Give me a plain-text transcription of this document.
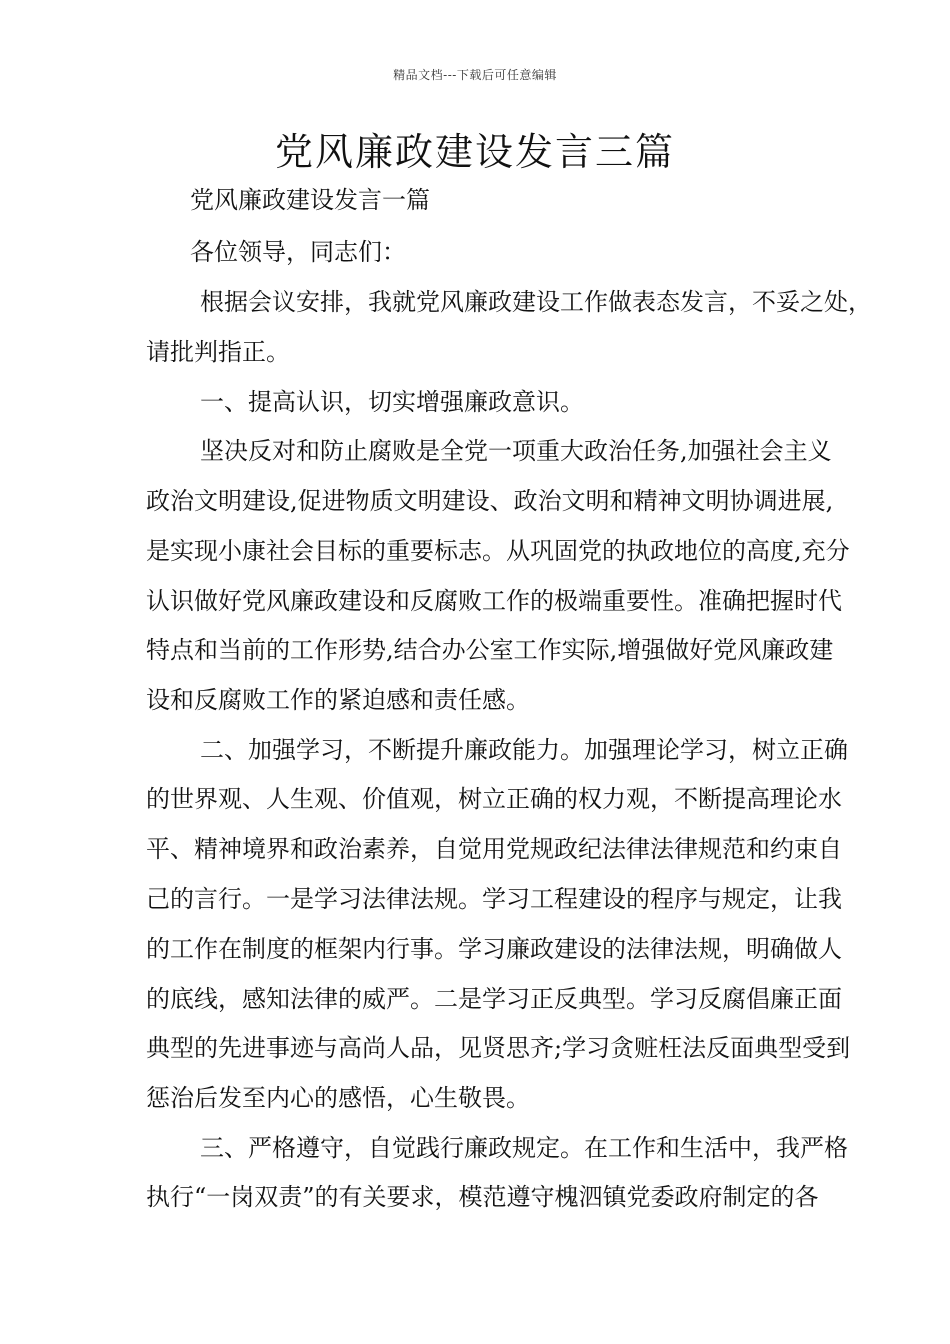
精品文档---下载后可任意编辑
党风廉政建设发言三篇
党风廉政建设发言一篇
各位领导，同志们：
根据会议安排，我就党风廉政建设工作做表态发言，不妥之处，
请批判指正。
一、提高认识，切实增强廉政意识。
坚决反对和防止腐败是全党一项重大政治任务,加强社会主义
政治文明建设,促进物质文明建设、政治文明和精神文明协调进展,
是实现小康社会目标的重要标志。从巩固党的执政地位的高度,充分
认识做好党风廉政建设和反腐败工作的极端重要性。准确把握时代
特点和当前的工作形势,结合办公室工作实际,增强做好党风廉政建
设和反腐败工作的紧迫感和责任感。
二、加强学习，不断提升廉政能力。加强理论学习，树立正确
的世界观、人生观、价值观，树立正确的权力观，不断提高理论水
平、精神境界和政治素养，自觉用党规政纪法律法律规范和约束自
己的言行。一是学习法律法规。学习工程建设的程序与规定，让我
的工作在制度的框架内行事。学习廉政建设的法律法规，明确做人
的底线，感知法律的威严。二是学习正反典型。学习反腐倡廉正面
典型的先进事迹与高尚人品，见贤思齐;学习贪赃枉法反面典型受到
惩治后发至内心的感悟，心生敬畏。
三、严格遵守，自觉践行廉政规定。在工作和生活中，我严格
执行“一岗双责”的有关要求，模范遵守槐泗镇党委政府制定的各
